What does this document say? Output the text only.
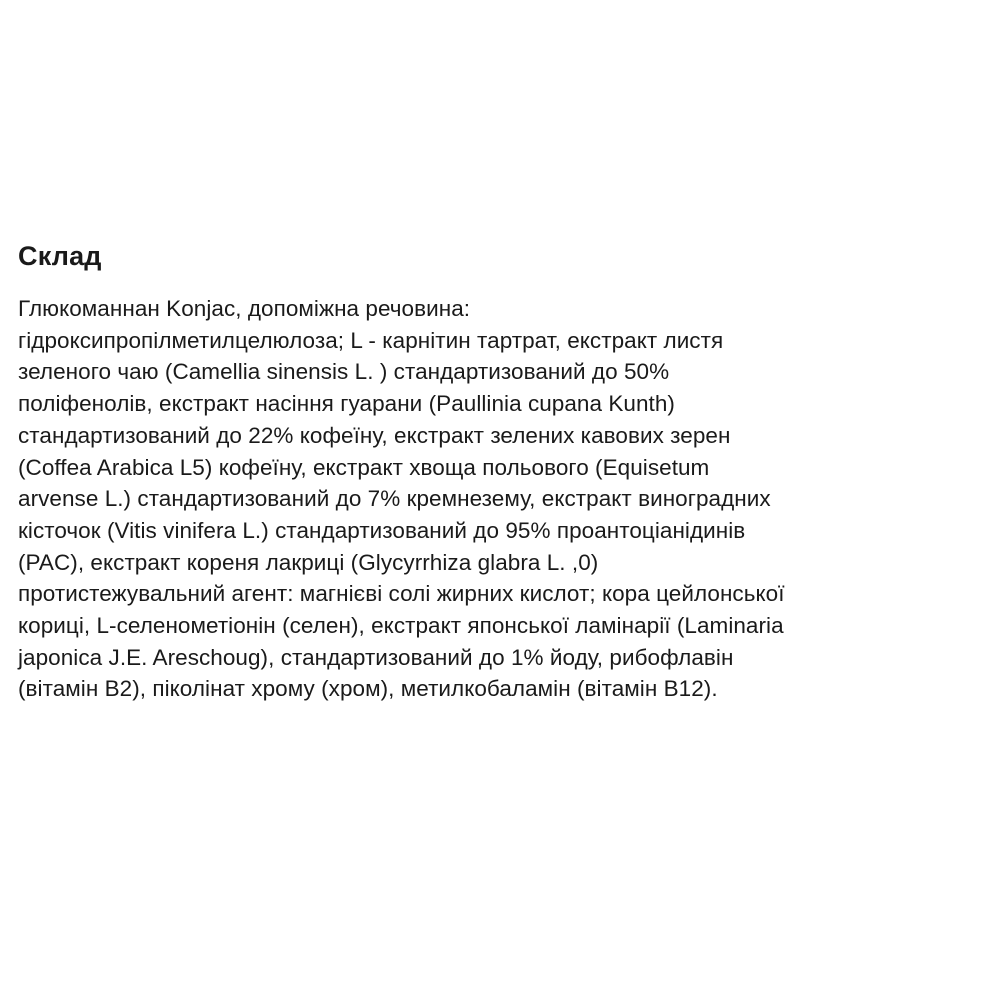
Склад

Глюкоманнан Konjac, допоміжна речовина:
гідроксипропілметилцелюлоза; L - карнітин тартрат, екстракт листя
зеленого чаю (Camellia sinensis L. ) стандартизований до 50%
поліфенолів, екстракт насіння гуарани (Paullinia cupana Kunth)
стандартизований до 22% кофеїну, екстракт зелених кавових зерен
(Coffea Arabica L5) кофеїну, екстракт хвоща польового (Equisetum
arvense L.) стандартизований до 7% кремнезему, екстракт виноградних
кісточок (Vitis vinifera L.) стандартизований до 95% проантоціанідинів
(PAC), екстракт кореня лакриці (Glycyrrhiza glabra L. ,0)
протистежувальний агент: магнієві солі жирних кислот; кора цейлонської
кориці, L-селенометіонін (селен), екстракт японської ламінарії (Laminaria
japonica J.E. Areschoug), стандартизований до 1% йоду, рибофлавін
(вітамін B2), піколінат хрому (хром), метилкобаламін (вітамін B12).
